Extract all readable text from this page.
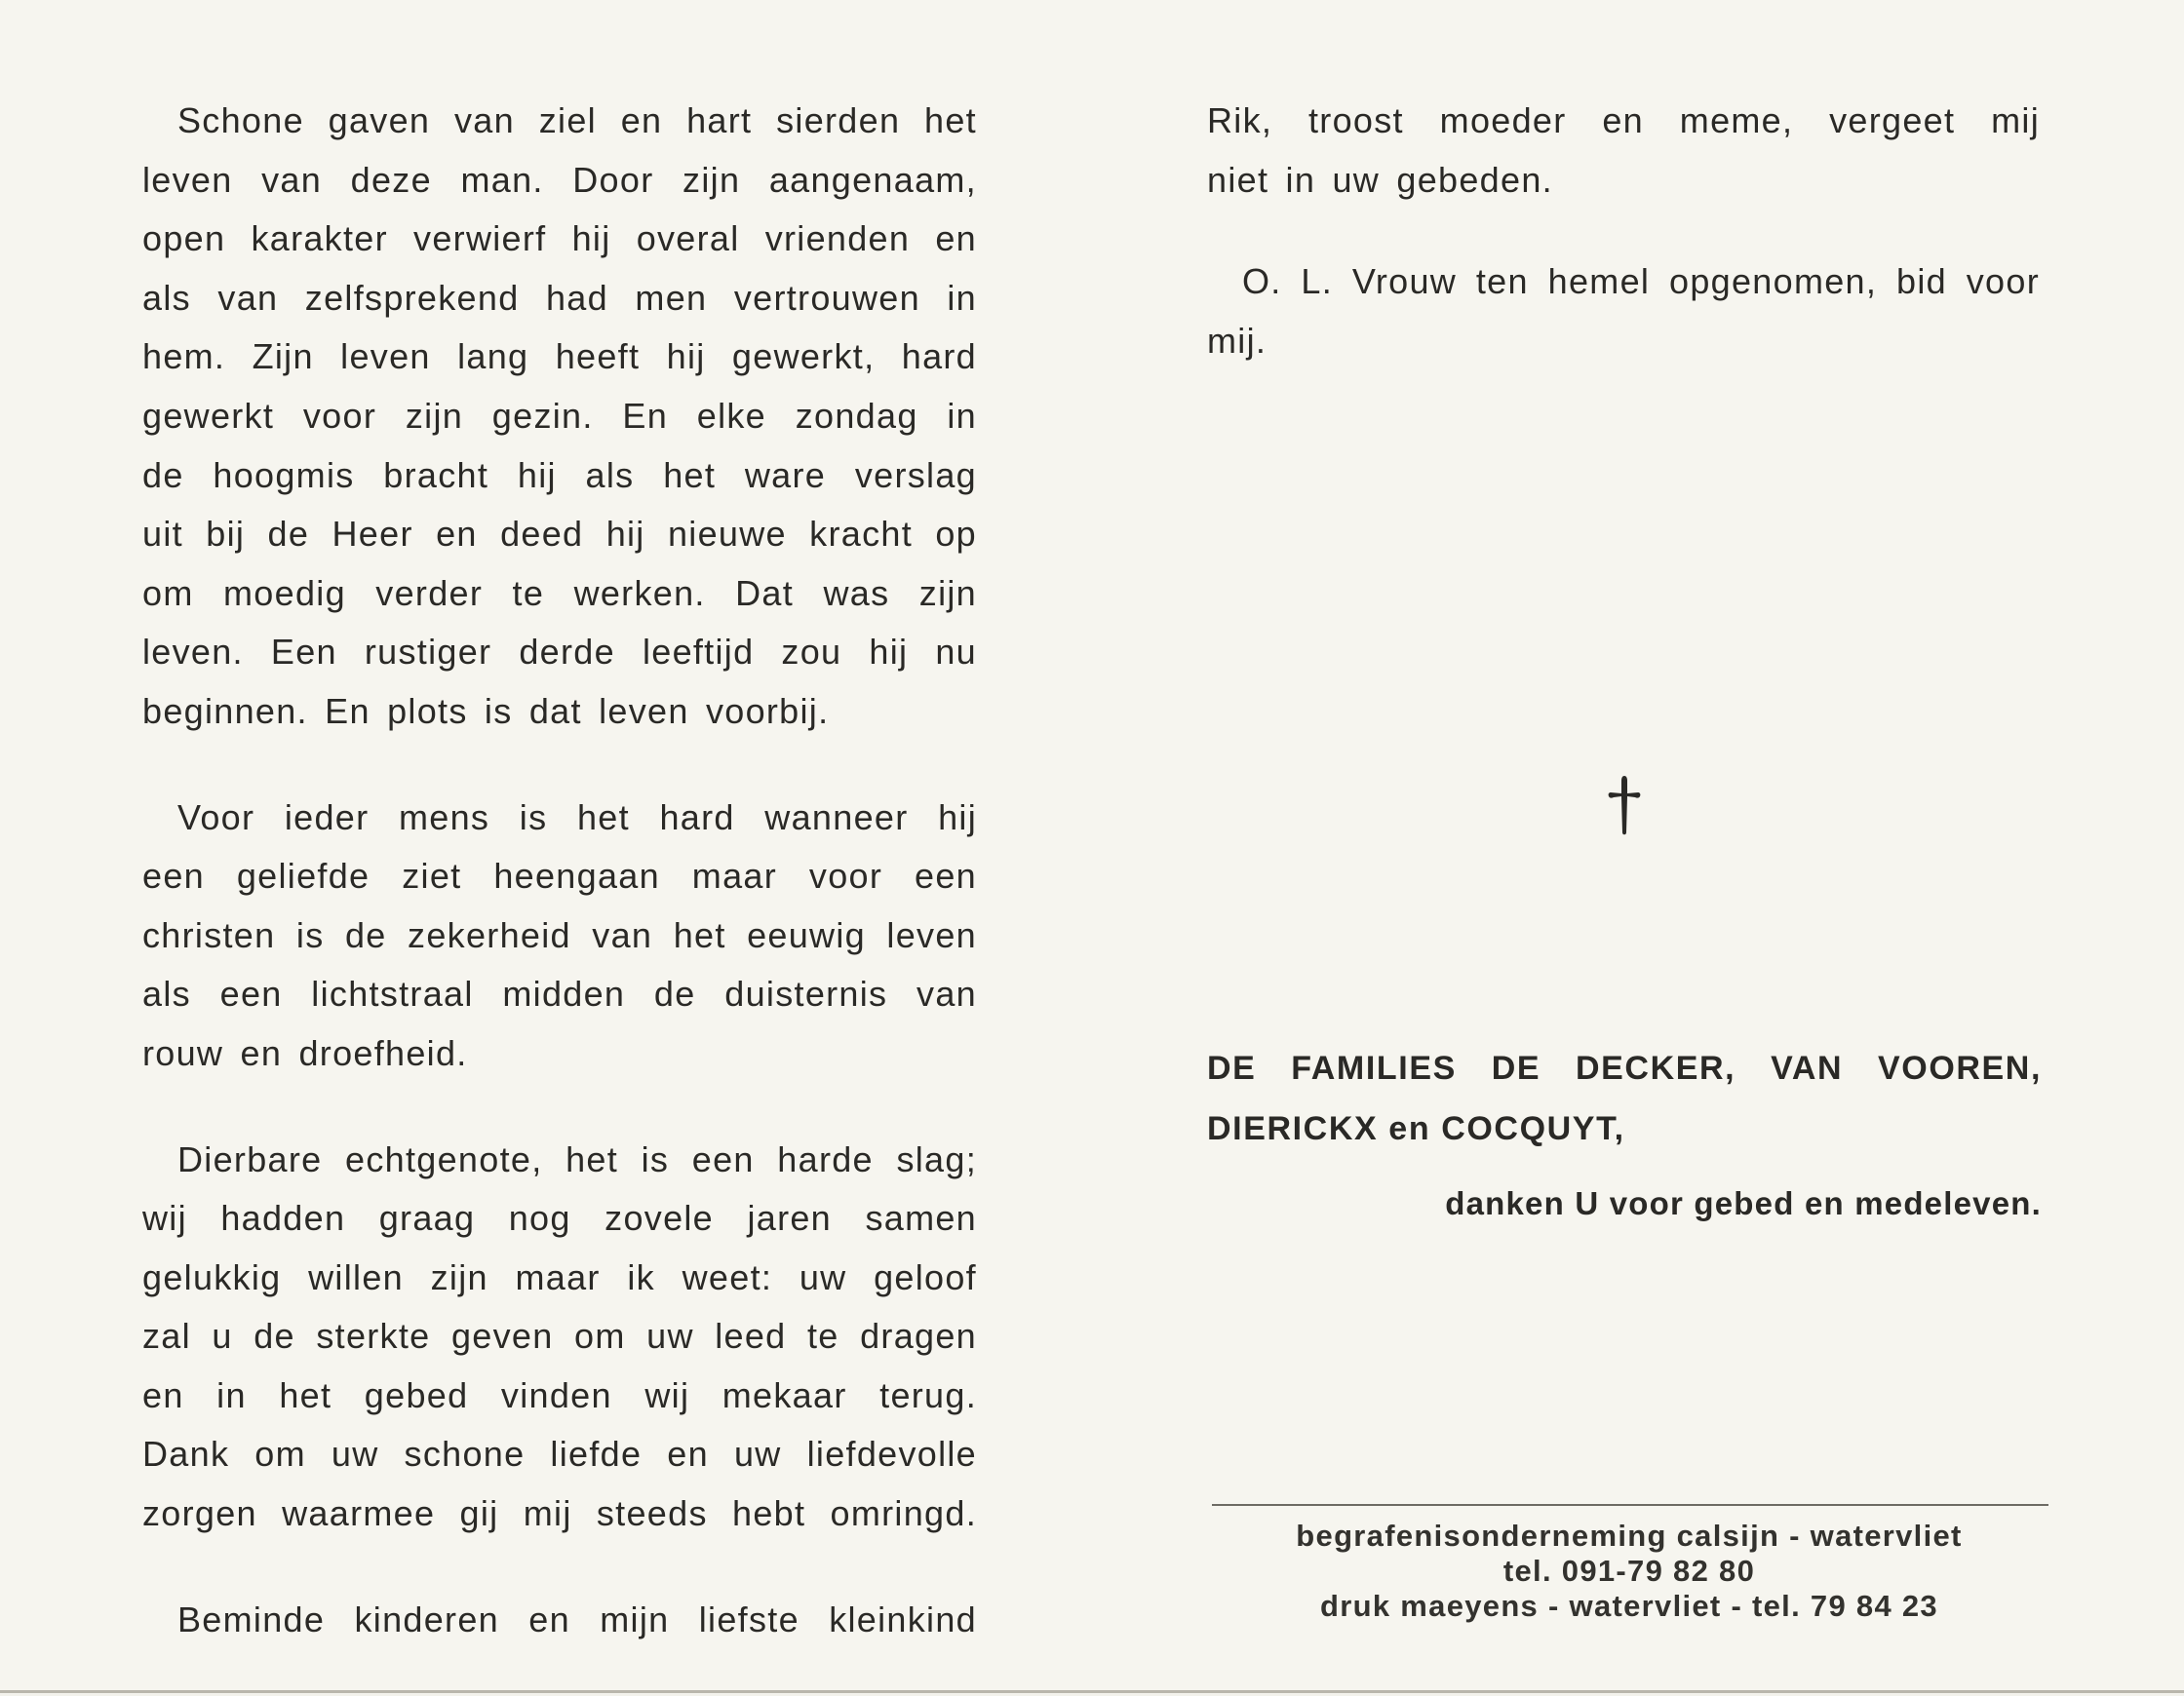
Schone gaven van ziel en hart sierden het
leven van deze man. Door zijn aangenaam,
open karakter verwierf hij overal vrienden en
als van zelfsprekend had men vertrouwen in
hem. Zijn leven lang heeft hij gewerkt, hard
gewerkt voor zijn gezin. En elke zondag in
de hoogmis bracht hij als het ware verslag
uit bij de Heer en deed hij nieuwe kracht op
om moedig verder te werken. Dat was zijn
leven. Een rustiger derde leeftijd zou hij nu
beginnen. En plots is dat leven voorbij.

Voor ieder mens is het hard wanneer hij
een geliefde ziet heengaan maar voor een
christen is de zekerheid van het eeuwig leven
als een lichtstraal midden de duisternis van
rouw en droefheid.

Dierbare echtgenote, het is een harde slag;
wij hadden graag nog zovele jaren samen
gelukkig willen zijn maar ik weet: uw geloof
zal u de sterkte geven om uw leed te dragen
en in het gebed vinden wij mekaar terug.
Dank om uw schone liefde en uw liefdevolle
zorgen waarmee gij mij steeds hebt omringd.

Beminde kinderen en mijn liefste kleinkind

Rik, troost moeder en meme, vergeet mij
niet in uw gebeden.

O. L. Vrouw ten hemel opgenomen, bid voor
mij.

DE FAMILIES DE DECKER, VAN VOOREN,
DIERICKX en COCQUYT,
danken U voor gebed en medeleven.
begrafenisonderneming calsijn - watervliet
tel. 091-79 82 80
druk maeyens - watervliet - tel. 79 84 23
